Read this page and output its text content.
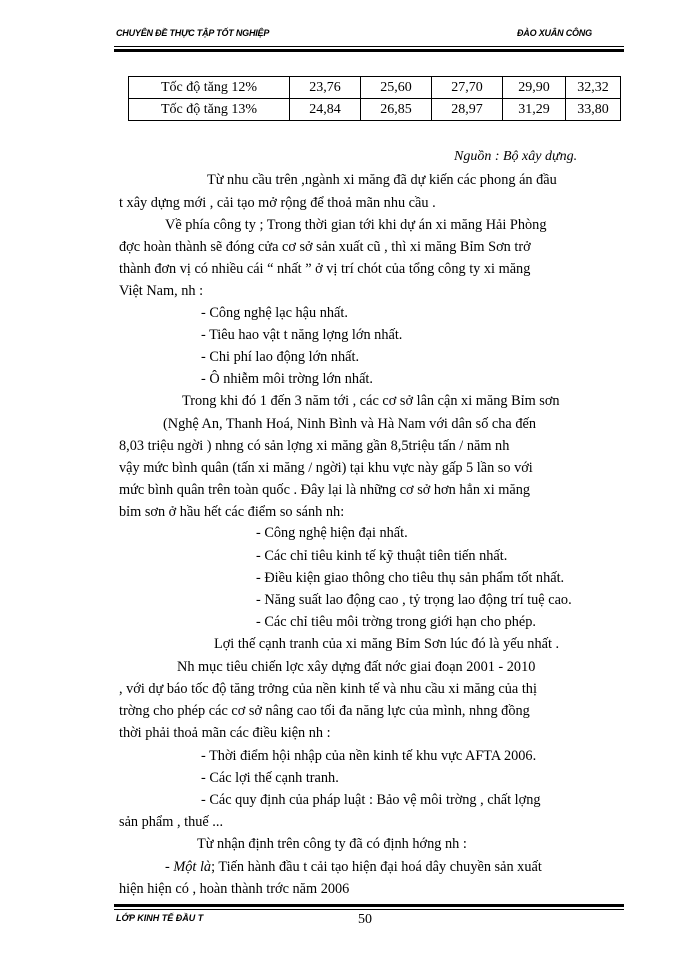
CHUYÊN ĐỀ THỰC TẬP TỐT NGHIỆP	ĐÀO XUÂN CÔNG
Tốc độ tăng 12%	23,76	25,60	27,70	29,90	32,32
Tốc độ tăng 13%	24,84	26,85	28,97	31,29	33,80
Nguồn : Bộ xây dựng.
Từ nhu cầu trên ,ngành xi măng đã dự kiến các phong án đầu
t xây dựng mới , cải tạo mở rộng để thoả mãn nhu cầu .
Về phía công ty ; Trong thời gian tới khi dự án xi măng Hải Phòng
đợc hoàn thành sẽ đóng cửa cơ sở sản xuất cũ , thì xi măng Bỉm Sơn trở
thành đơn vị có nhiều cái “ nhất ” ở vị trí chót của tổng công ty xi măng
Việt Nam, nh :
- Công nghệ lạc hậu nhất.
- Tiêu hao vật t năng lợng lớn nhất.
- Chi phí lao động lớn nhất.
- Ô nhiễm môi trờng lớn nhất.
Trong khi đó 1 đến 3 năm tới , các cơ sở lân cận xi măng Bỉm sơn
(Nghệ An, Thanh Hoá, Ninh Bình và Hà Nam với dân số cha đến
8,03 triệu ngời ) nhng có sản lợng xi măng gần 8,5triệu tấn / năm nh
vậy mức bình quân (tấn xi măng / ngời) tại khu vực này gấp 5 lần so với
mức bình quân trên toàn quốc . Đây lại là những cơ sở hơn hẳn xi măng
bỉm sơn ở hầu hết các điểm so sánh nh:
- Công nghệ hiện đại nhất.
- Các chỉ tiêu kinh tế kỹ thuật tiên tiến nhất.
- Điều kiện giao thông cho tiêu thụ sản phẩm tốt nhất.
- Năng suất lao động cao , tỷ trọng lao động trí tuệ cao.
- Các chỉ tiêu môi trờng trong giới hạn cho phép.
Lợi thế cạnh tranh của xi măng Bỉm Sơn lúc đó là yếu nhất .
Nh mục tiêu chiến lợc xây dựng đất nớc giai đoạn 2001 - 2010
, với dự báo tốc độ tăng trởng của nền kinh tế và nhu cầu xi măng của thị
trờng cho phép các cơ sở nâng cao tối đa năng lực của mình, nhng đồng
thời phải thoả mãn các điều kiện nh :
- Thời điểm hội nhập của nền kinh tế khu vực AFTA 2006.
- Các lợi thế cạnh tranh.
- Các quy định của pháp luật : Bảo vệ môi trờng , chất lợng
sản phẩm , thuế ...
Từ nhận định trên công ty đã có định hớng nh :
- Một là; Tiến hành đầu t cải tạo hiện đại hoá dây chuyền sản xuất
hiện hiện có , hoàn thành trớc năm 2006
LỚP KINH TẾ ĐẦU T	50
